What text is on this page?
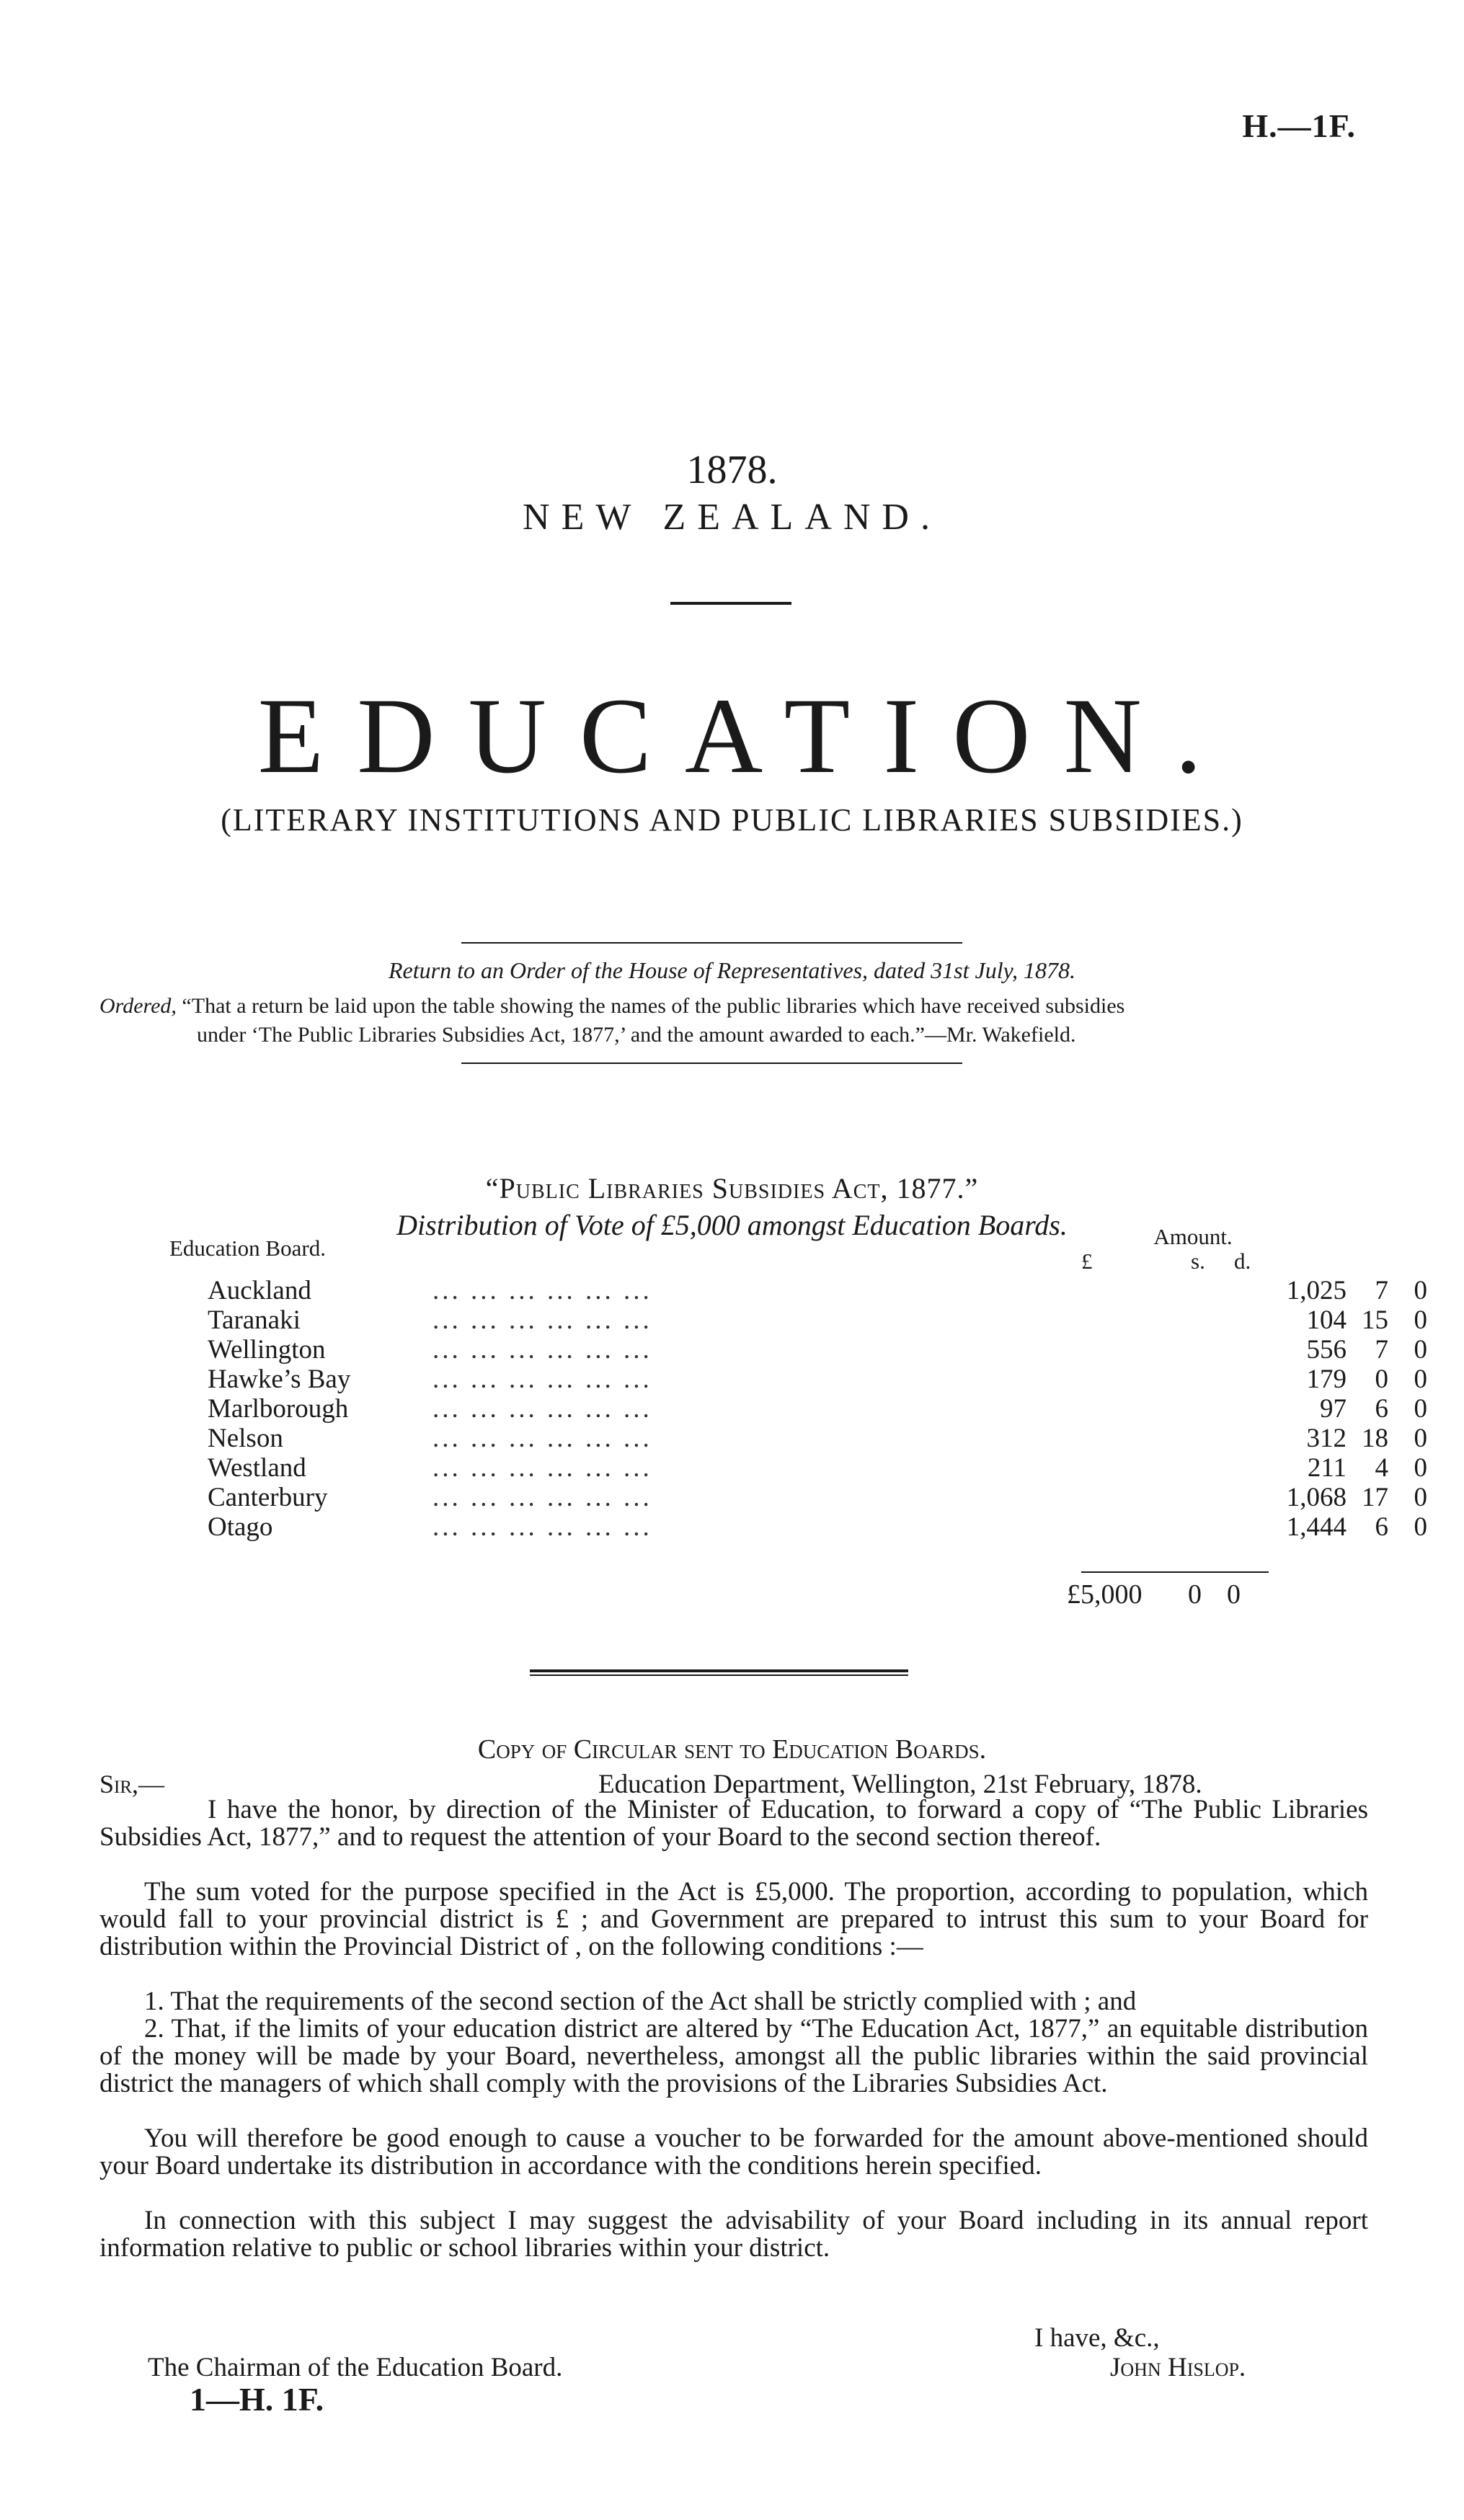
H.—1F.
1878.
NEW ZEALAND.
EDUCATION.
(LITERARY INSTITUTIONS AND PUBLIC LIBRARIES SUBSIDIES.)
Return to an Order of the House of Representatives, dated 31st July, 1878.
Ordered, “That a return be laid upon the table showing the names of the public libraries which have received subsidies
under ‘The Public Libraries Subsidies Act, 1877,’ and the amount awarded to each.”—Mr. Wakefield.
“Public Libraries Subsidies Act, 1877.”
Distribution of Vote of £5,000 amongst Education Boards.
Education Board.	Amount.
£	s. d.
Auckland	... ... ... ... ... ...	1,025	7	0
Taranaki	... ... ... ... ... ...	104	15	0
Wellington	... ... ... ... ... ...	556	7	0
Hawke’s Bay	... ... ... ... ... ...	179	0	0
Marlborough	... ... ... ... ... ...	97	6	0
Nelson	... ... ... ... ... ...	312	18	0
Westland	... ... ... ... ... ...	211	4	0
Canterbury	... ... ... ... ... ...	1,068	17	0
Otago	... ... ... ... ... ...	1,444	6	0
£5,000 0 0
Copy of Circular sent to Education Boards.
Sir,—	Education Department, Wellington, 21st February, 1878.
I have the honor, by direction of the Minister of Education, to forward a copy of “The Public Libraries Subsidies Act, 1877,” and to request the attention of your Board to the second section thereof.
The sum voted for the purpose specified in the Act is £5,000. The proportion, according to population, which would fall to your provincial district is £ ; and Government are prepared to intrust this sum to your Board for distribution within the Provincial District of , on the following conditions :—
1. That the requirements of the second section of the Act shall be strictly complied with ; and
2. That, if the limits of your education district are altered by “The Education Act, 1877,” an equitable distribution of the money will be made by your Board, nevertheless, amongst all the public libraries within the said provincial district the managers of which shall comply with the provisions of the Libraries Subsidies Act.
You will therefore be good enough to cause a voucher to be forwarded for the amount above-mentioned should your Board undertake its distribution in accordance with the conditions herein specified.
In connection with this subject I may suggest the advisability of your Board including in its annual report information relative to public or school libraries within your district.
I have, &c.,
The Chairman of the Education Board.	John Hislop.
1—H. 1F.
